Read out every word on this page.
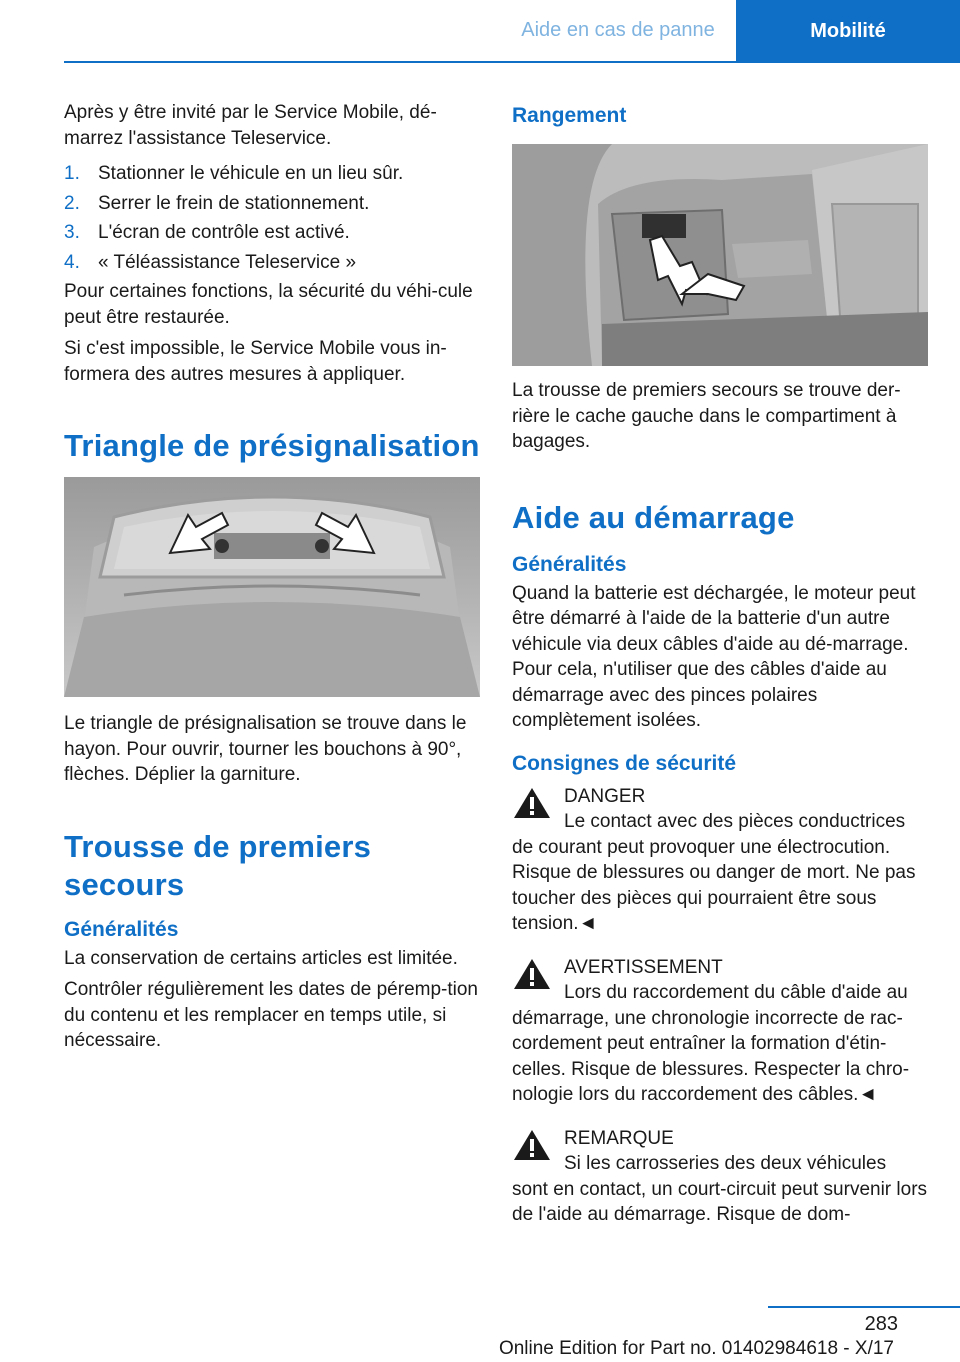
Aide en cas de panne	Mobilité

Après y être invité par le Service Mobile, dé-marrez l'assistance Teleservice.

1. Stationner le véhicule en un lieu sûr.
2. Serrer le frein de stationnement.
3. L'écran de contrôle est activé.
4. « Téléassistance Teleservice »

Pour certaines fonctions, la sécurité du véhi-cule peut être restaurée.

Si c'est impossible, le Service Mobile vous in-formera des autres mesures à appliquer.

Triangle de présignalisation

Le triangle de présignalisation se trouve dans le hayon. Pour ouvrir, tourner les bouchons à 90°, flèches. Déplier la garniture.

Trousse de premiers secours
Généralités

La conservation de certains articles est limitée.

Contrôler régulièrement les dates de péremp-tion du contenu et les remplacer en temps utile, si nécessaire.

Rangement

La trousse de premiers secours se trouve der-rière le cache gauche dans le compartiment à bagages.

Aide au démarrage
Généralités

Quand la batterie est déchargée, le moteur peut être démarré à l'aide de la batterie d'un autre véhicule via deux câbles d'aide au dé-marrage. Pour cela, n'utiliser que des câbles d'aide au démarrage avec des pinces polaires complètement isolées.

Consignes de sécurité
DANGER
Le contact avec des pièces conductrices

de courant peut provoquer une électrocution. Risque de blessures ou danger de mort. Ne pas toucher des pièces qui pourraient être sous tension.◄

AVERTISSEMENT
Lors du raccordement du câble d'aide au

démarrage, une chronologie incorrecte de rac-cordement peut entraîner la formation d'étin-celles. Risque de blessures. Respecter la chro-nologie lors du raccordement des câbles.◄

REMARQUE
Si les carrosseries des deux véhicules

sont en contact, un court-circuit peut survenir lors de l'aide au démarrage. Risque de dom-

283
Online Edition for Part no. 01402984618 - X/17
